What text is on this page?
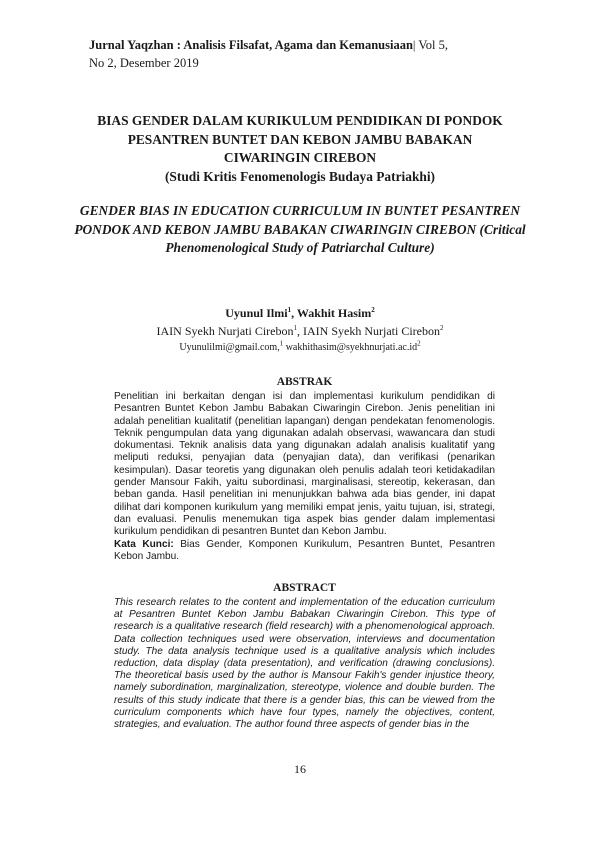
Jurnal Yaqzhan : Analisis Filsafat, Agama dan Kemanusiaan| Vol 5,
No 2, Desember 2019

BIAS GENDER DALAM KURIKULUM PENDIDIKAN DI PONDOK
PESANTREN BUNTET DAN KEBON JAMBU BABAKAN
CIWARINGIN CIREBON
(Studi Kritis Fenomenologis Budaya Patriakhi)

GENDER BIAS IN EDUCATION CURRICULUM IN BUNTET PESANTREN PONDOK AND KEBON JAMBU BABAKAN CIWARINGIN CIREBON (Critical Phenomenological Study of Patriarchal Culture)

Uyunul Ilmi$^1$, Wakhit Hasim$^2$
IAIN Syekh Nurjati Cirebon$^1$, IAIN Syekh Nurjati Cirebon$^2$
Uyunulilmi@gmail.com,$^1$ $wakhithasim@syekhnurjati.ac.id^2$
ABSTRAK

Penelitian ini berkaitan dengan isi dan implementasi kurikulum pendidikan di Pesantren Buntet Kebon Jambu Babakan Ciwaringin Cirebon. Jenis penelitian ini adalah penelitian kualitatif (penelitian lapangan) dengan pendekatan fenomenologis. Teknik pengumpulan data yang digunakan adalah observasi, wawancara dan studi dokumentasi. Teknik analisis data yang digunakan adalah analisis kualitatif yang meliputi reduksi, penyajian data (penyajian data), dan verifikasi (penarikan kesimpulan). Dasar teoretis yang digunakan oleh penulis adalah teori ketidakadilan gender Mansour Fakih, yaitu subordinasi, marginalisasi, stereotip, kekerasan, dan beban ganda. Hasil penelitian ini menunjukkan bahwa ada bias gender, ini dapat dilihat dari komponen kurikulum yang memiliki empat jenis, yaitu tujuan, isi, strategi, dan evaluasi. Penulis menemukan tiga aspek bias gender dalam implementasi kurikulum pendidikan di pesantren Buntet dan Kebon Jambu.

Kata Kunci: Bias Gender, Komponen Kurikulum, Pesantren Buntet, Pesantren Kebon Jambu.

ABSTRACT

This research relates to the content and implementation of the education curriculum at Pesantren Buntet Kebon Jambu Babakan Ciwaringin Cirebon. This type of research is a qualitative research (field research) with a phenomenological approach. Data collection techniques used were observation, interviews and documentation study. The data analysis technique used is a qualitative analysis which includes reduction, data display (data presentation), and verification (drawing conclusions). The theoretical basis used by the author is Mansour Fakih's gender injustice theory, namely subordination, marginalization, stereotype, violence and double burden. The results of this study indicate that there is a gender bias, this can be viewed from the curriculum components which have four types, namely the objectives, content, strategies, and evaluation. The author found three aspects of gender bias in the

16
